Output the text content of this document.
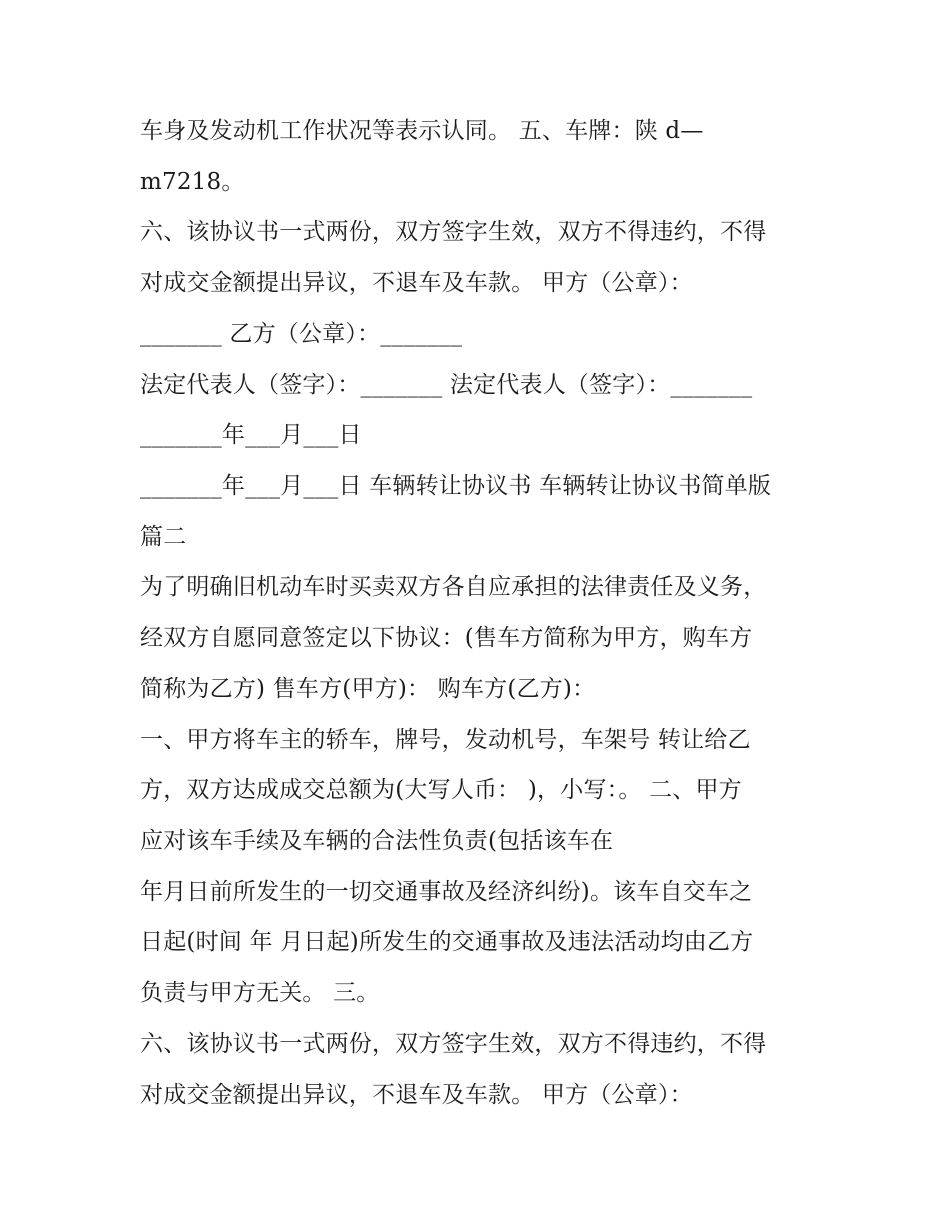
车身及发动机工作状况等表示认同。 五、车牌：陕 d—
m7218。
六、该协议书一式两份，双方签字生效，双方不得违约，不得
对成交金额提出异议，不退车及车款。 甲方（公章）：
_______ 乙方（公章）：_______
法定代表人（签字）：_______ 法定代表人（签字）：_______
_______年___月___日
_______年___月___日 车辆转让协议书 车辆转让协议书简单版
篇二
为了明确旧机动车时买卖双方各自应承担的法律责任及义务，
经双方自愿同意签定以下协议：(售车方简称为甲方，购车方
简称为乙方) 售车方(甲方)： 购车方(乙方)：
一、甲方将车主的轿车，牌号，发动机号，车架号 转让给乙
方，双方达成成交总额为(大写人币： )，小写：。 二、甲方
应对该车手续及车辆的合法性负责(包括该车在
年月日前所发生的一切交通事故及经济纠纷)。该车自交车之
日起(时间 年 月日起)所发生的交通事故及违法活动均由乙方
负责与甲方无关。 三。
六、该协议书一式两份，双方签字生效，双方不得违约，不得
对成交金额提出异议，不退车及车款。 甲方（公章）：
